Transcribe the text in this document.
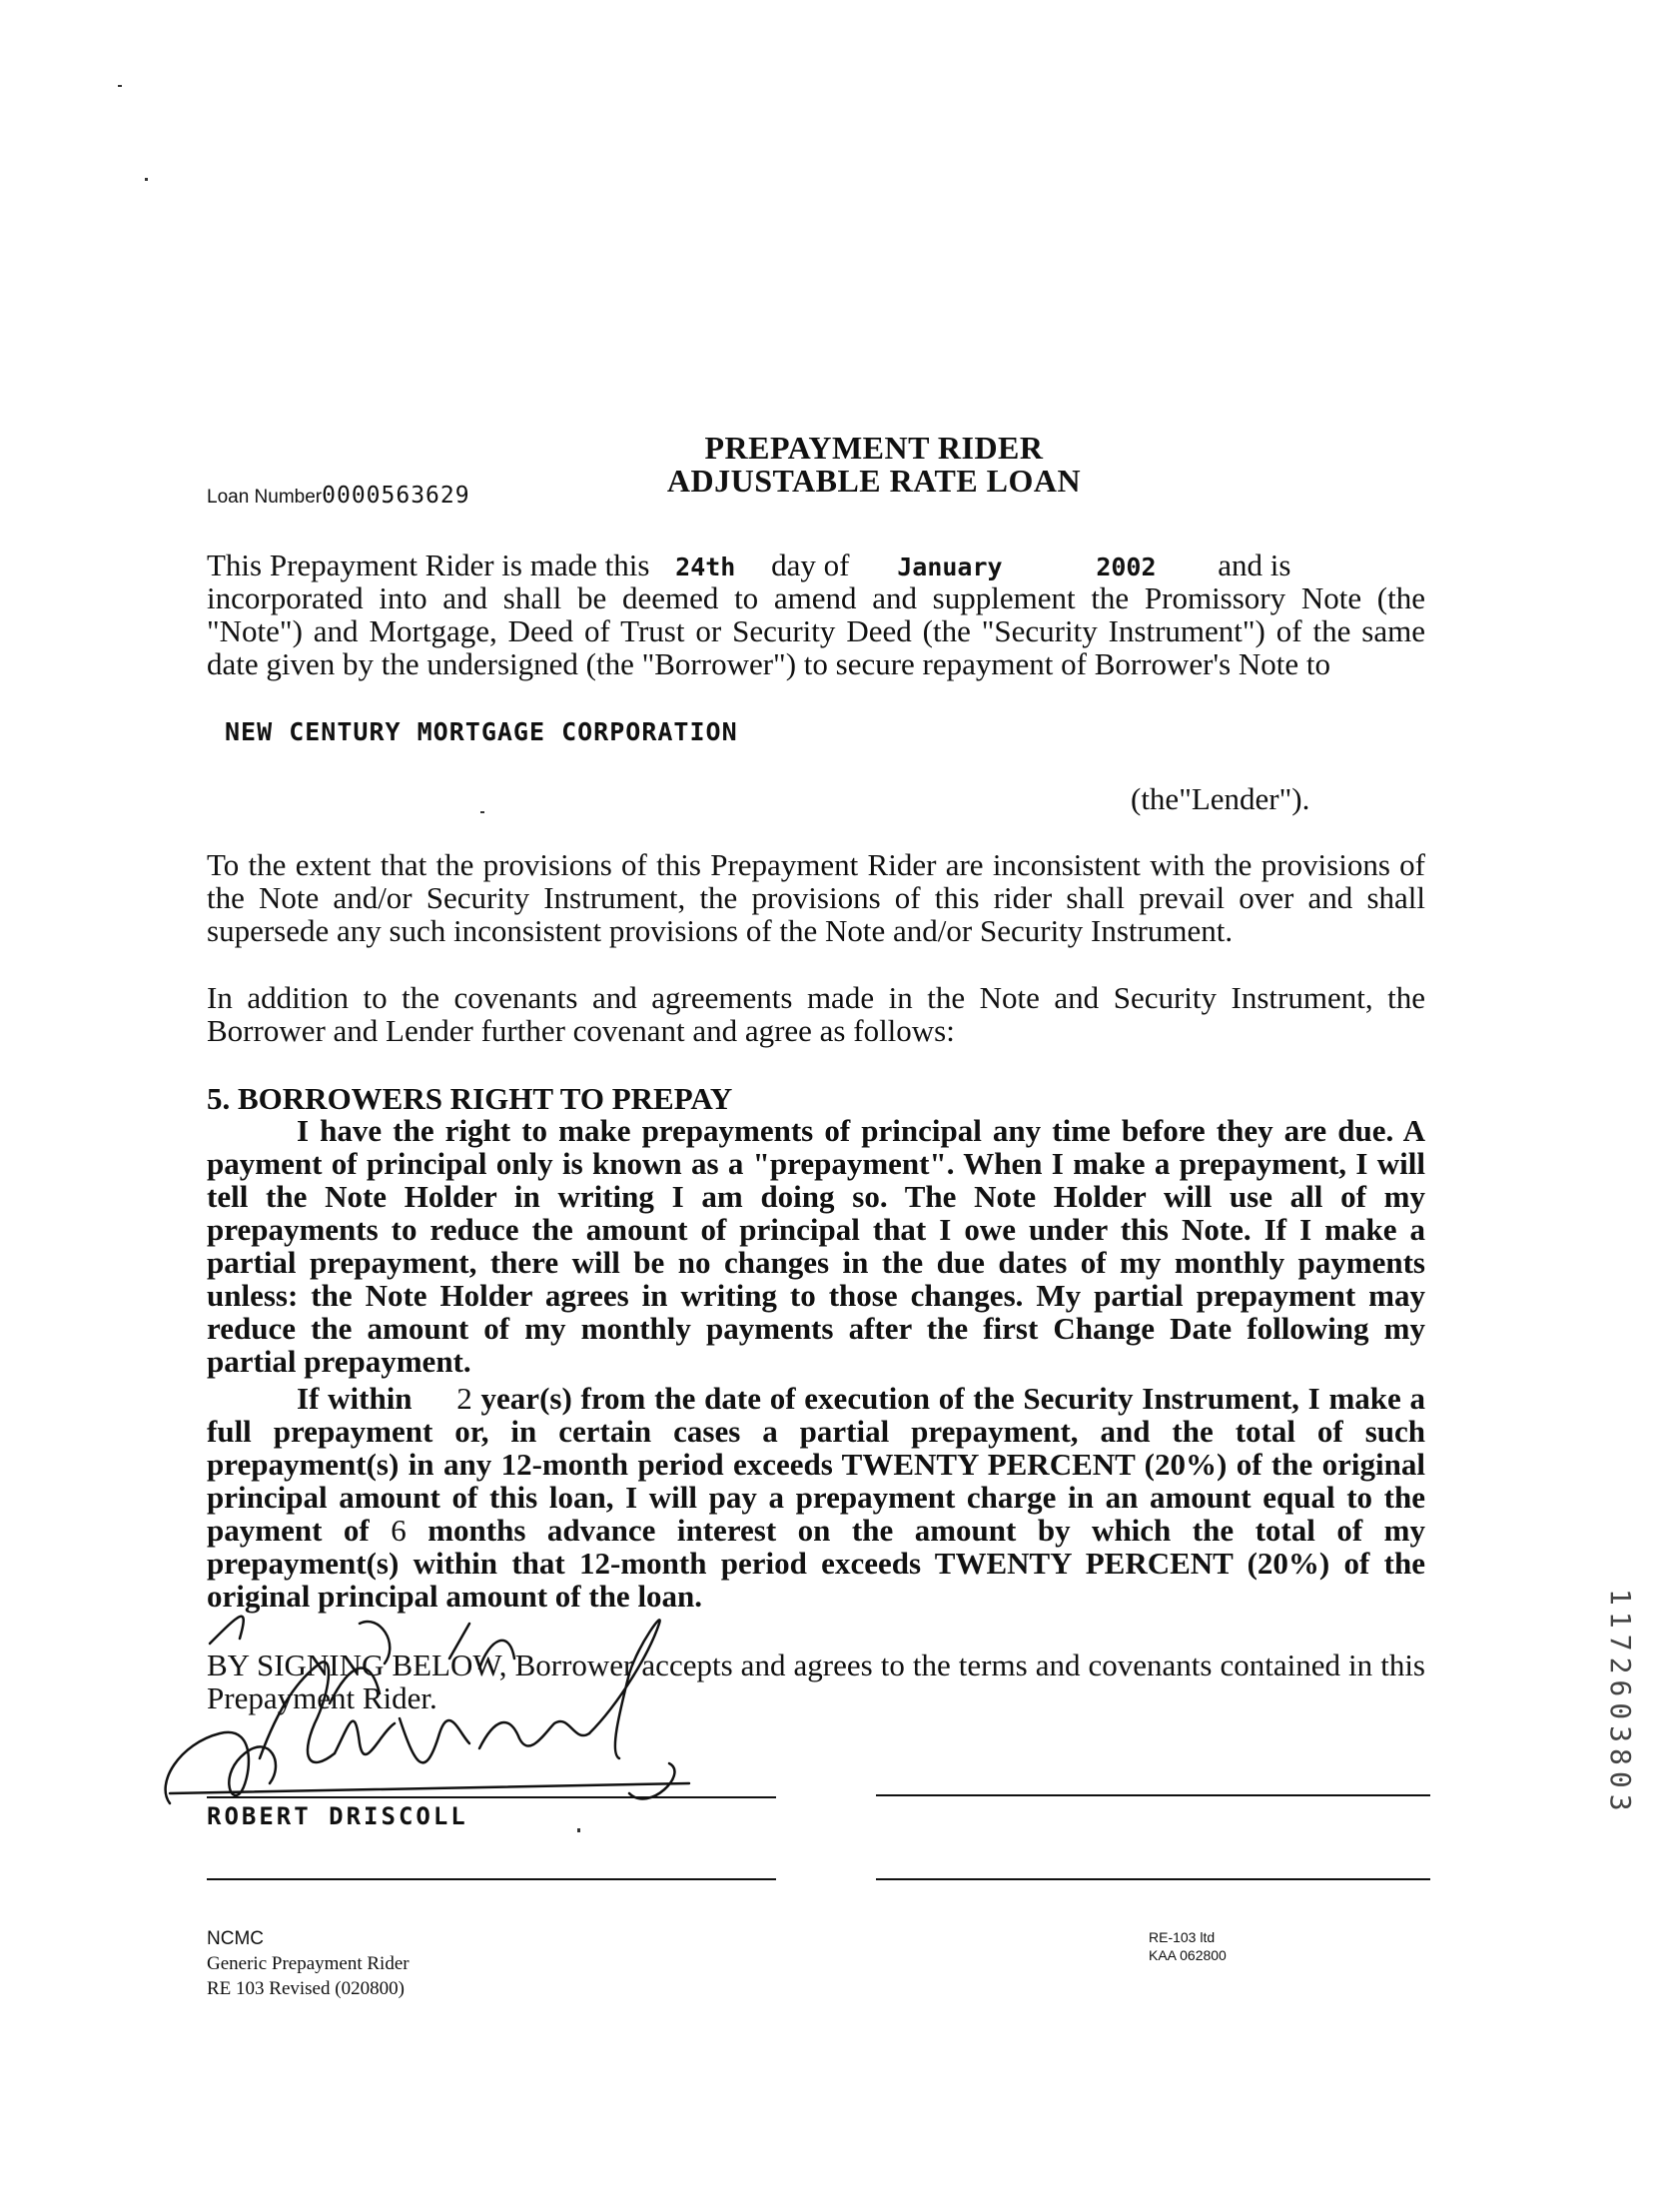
PREPAYMENT RIDER
ADJUSTABLE RATE LOAN
Loan Number0000563629
This Prepayment Rider is made this 24th day of January	2002 and is
incorporated into and shall be deemed to amend and supplement the Promissory Note (the "Note") and Mortgage, Deed of Trust or Security Deed (the "Security Instrument") of the same date given by the undersigned (the "Borrower") to secure repayment of Borrower's Note to
NEW CENTURY MORTGAGE CORPORATION
(the"Lender").
To the extent that the provisions of this Prepayment Rider are inconsistent with the provisions of the Note and/or Security Instrument, the provisions of this rider shall prevail over and shall supersede any such inconsistent provisions of the Note and/or Security Instrument.
In addition to the covenants and agreements made in the Note and Security Instrument, the Borrower and Lender further covenant and agree as follows:
5. BORROWERS RIGHT TO PREPAY
I have the right to make prepayments of principal any time before they are due. A payment of principal only is known as a "prepayment". When I make a prepayment, I will tell the Note Holder in writing I am doing so. The Note Holder will use all of my prepayments to reduce the amount of principal that I owe under this Note. If I make a partial prepayment, there will be no changes in the due dates of my monthly payments unless: the Note Holder agrees in writing to those changes. My partial prepayment may reduce the amount of my monthly payments after the first Change Date following my partial prepayment.
If within 2 year(s) from the date of execution of the Security Instrument, I make a full prepayment or, in certain cases a partial prepayment, and the total of such prepayment(s) in any 12-month period exceeds TWENTY PERCENT (20%) of the original principal amount of this loan, I will pay a prepayment charge in an amount equal to the payment of 6 months advance interest on the amount by which the total of my prepayment(s) within that 12-month period exceeds TWENTY PERCENT (20%) of the original principal amount of the loan.
BY SIGNING BELOW, Borrower accepts and agrees to the terms and covenants contained in this Prepayment Rider.
ROBERT DRISCOLL
NCMC
Generic Prepayment Rider
RE 103 Revised (020800)
RE-103 ltd
KAA 062800
1172603803
